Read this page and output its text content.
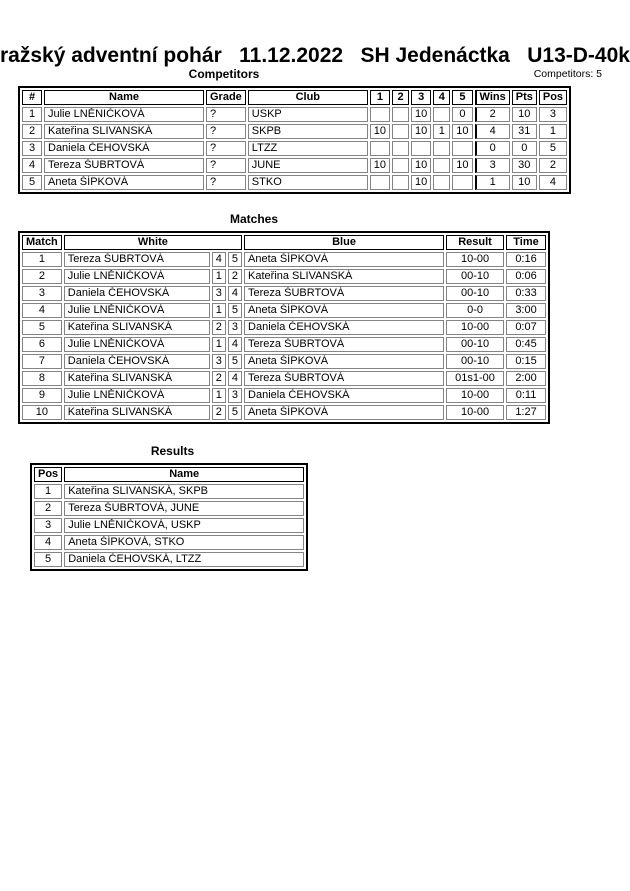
ražský adventní pohár 11.12.2022 SH Jedenáctka U13-D-40k
Competitors	Competitors: 5
#	Name	Grade	Club	1	2	3	4	5	Wins	Pts	Pos
1	Julie LNĚNIČKOVÁ	?	USKP			10		0	2	10	3
2	Kateřina SLIVANSKÁ	?	SKPB	10		10	1	10	4	31	1
3	Daniela ČEHOVSKÁ	?	LTZZ						0	0	5
4	Tereza ŠUBRTOVÁ	?	JUNE	10		10		10	3	30	2
5	Aneta ŠÍPKOVÁ	?	STKO			10			1	10	4
Matches
Match	White			Blue	Result	Time
1	Tereza ŠUBRTOVÁ	4	5	Aneta ŠÍPKOVÁ	10-00	0:16
2	Julie LNĚNIČKOVÁ	1	2	Kateřina SLIVANSKÁ	00-10	0:06
3	Daniela ČEHOVSKÁ	3	4	Tereza ŠUBRTOVÁ	00-10	0:33
4	Julie LNĚNIČKOVÁ	1	5	Aneta ŠÍPKOVÁ	0-0	3:00
5	Kateřina SLIVANSKÁ	2	3	Daniela ČEHOVSKÁ	10-00	0:07
6	Julie LNĚNIČKOVÁ	1	4	Tereza ŠUBRTOVÁ	00-10	0:45
7	Daniela ČEHOVSKÁ	3	5	Aneta ŠÍPKOVÁ	00-10	0:15
8	Kateřina SLIVANSKÁ	2	4	Tereza ŠUBRTOVÁ	01s1-00	2:00
9	Julie LNĚNIČKOVÁ	1	3	Daniela ČEHOVSKÁ	10-00	0:11
10	Kateřina SLIVANSKÁ	2	5	Aneta ŠÍPKOVÁ	10-00	1:27
Results
Pos	Name
1	Kateřina SLIVANSKÁ, SKPB
2	Tereza ŠUBRTOVÁ, JUNE
3	Julie LNĚNIČKOVÁ, USKP
4	Aneta ŠÍPKOVÁ, STKO
5	Daniela ČEHOVSKÁ, LTZZ
